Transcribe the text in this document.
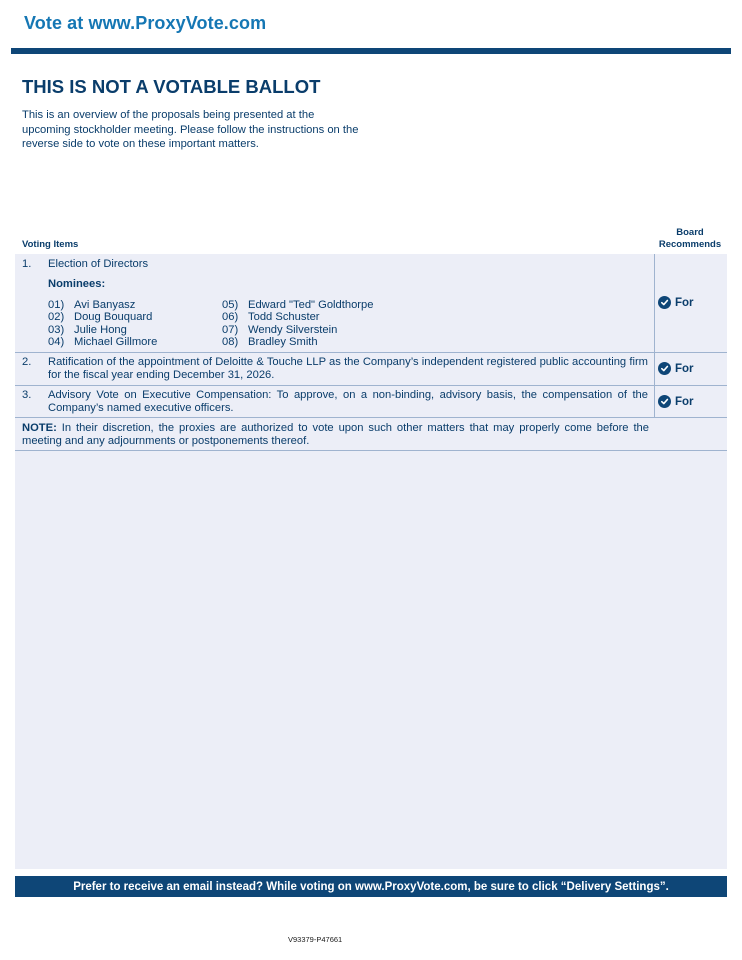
Vote at www.ProxyVote.com
THIS IS NOT A VOTABLE BALLOT
This is an overview of the proposals being presented at the upcoming stockholder meeting. Please follow the instructions on the reverse side to vote on these important matters.
Voting Items
Board
Recommends
1. Election of Directors
Nominees:
01) Avi Banyasz
02) Doug Bouquard
03) Julie Hong
04) Michael Gillmore
05) Edward "Ted" Goldthorpe
06) Todd Schuster
07) Wendy Silverstein
08) Bradley Smith
For
2. Ratification of the appointment of Deloitte & Touche LLP as the Company’s independent registered public accounting firm for the fiscal year ending December 31, 2026.	For
3. Advisory Vote on Executive Compensation: To approve, on a non-binding, advisory basis, the compensation of the Company’s named executive officers.	For
NOTE: In their discretion, the proxies are authorized to vote upon such other matters that may properly come before the meeting and any adjournments or postponements thereof.
Prefer to receive an email instead? While voting on www.ProxyVote.com, be sure to click “Delivery Settings”.
V93379-P47661
